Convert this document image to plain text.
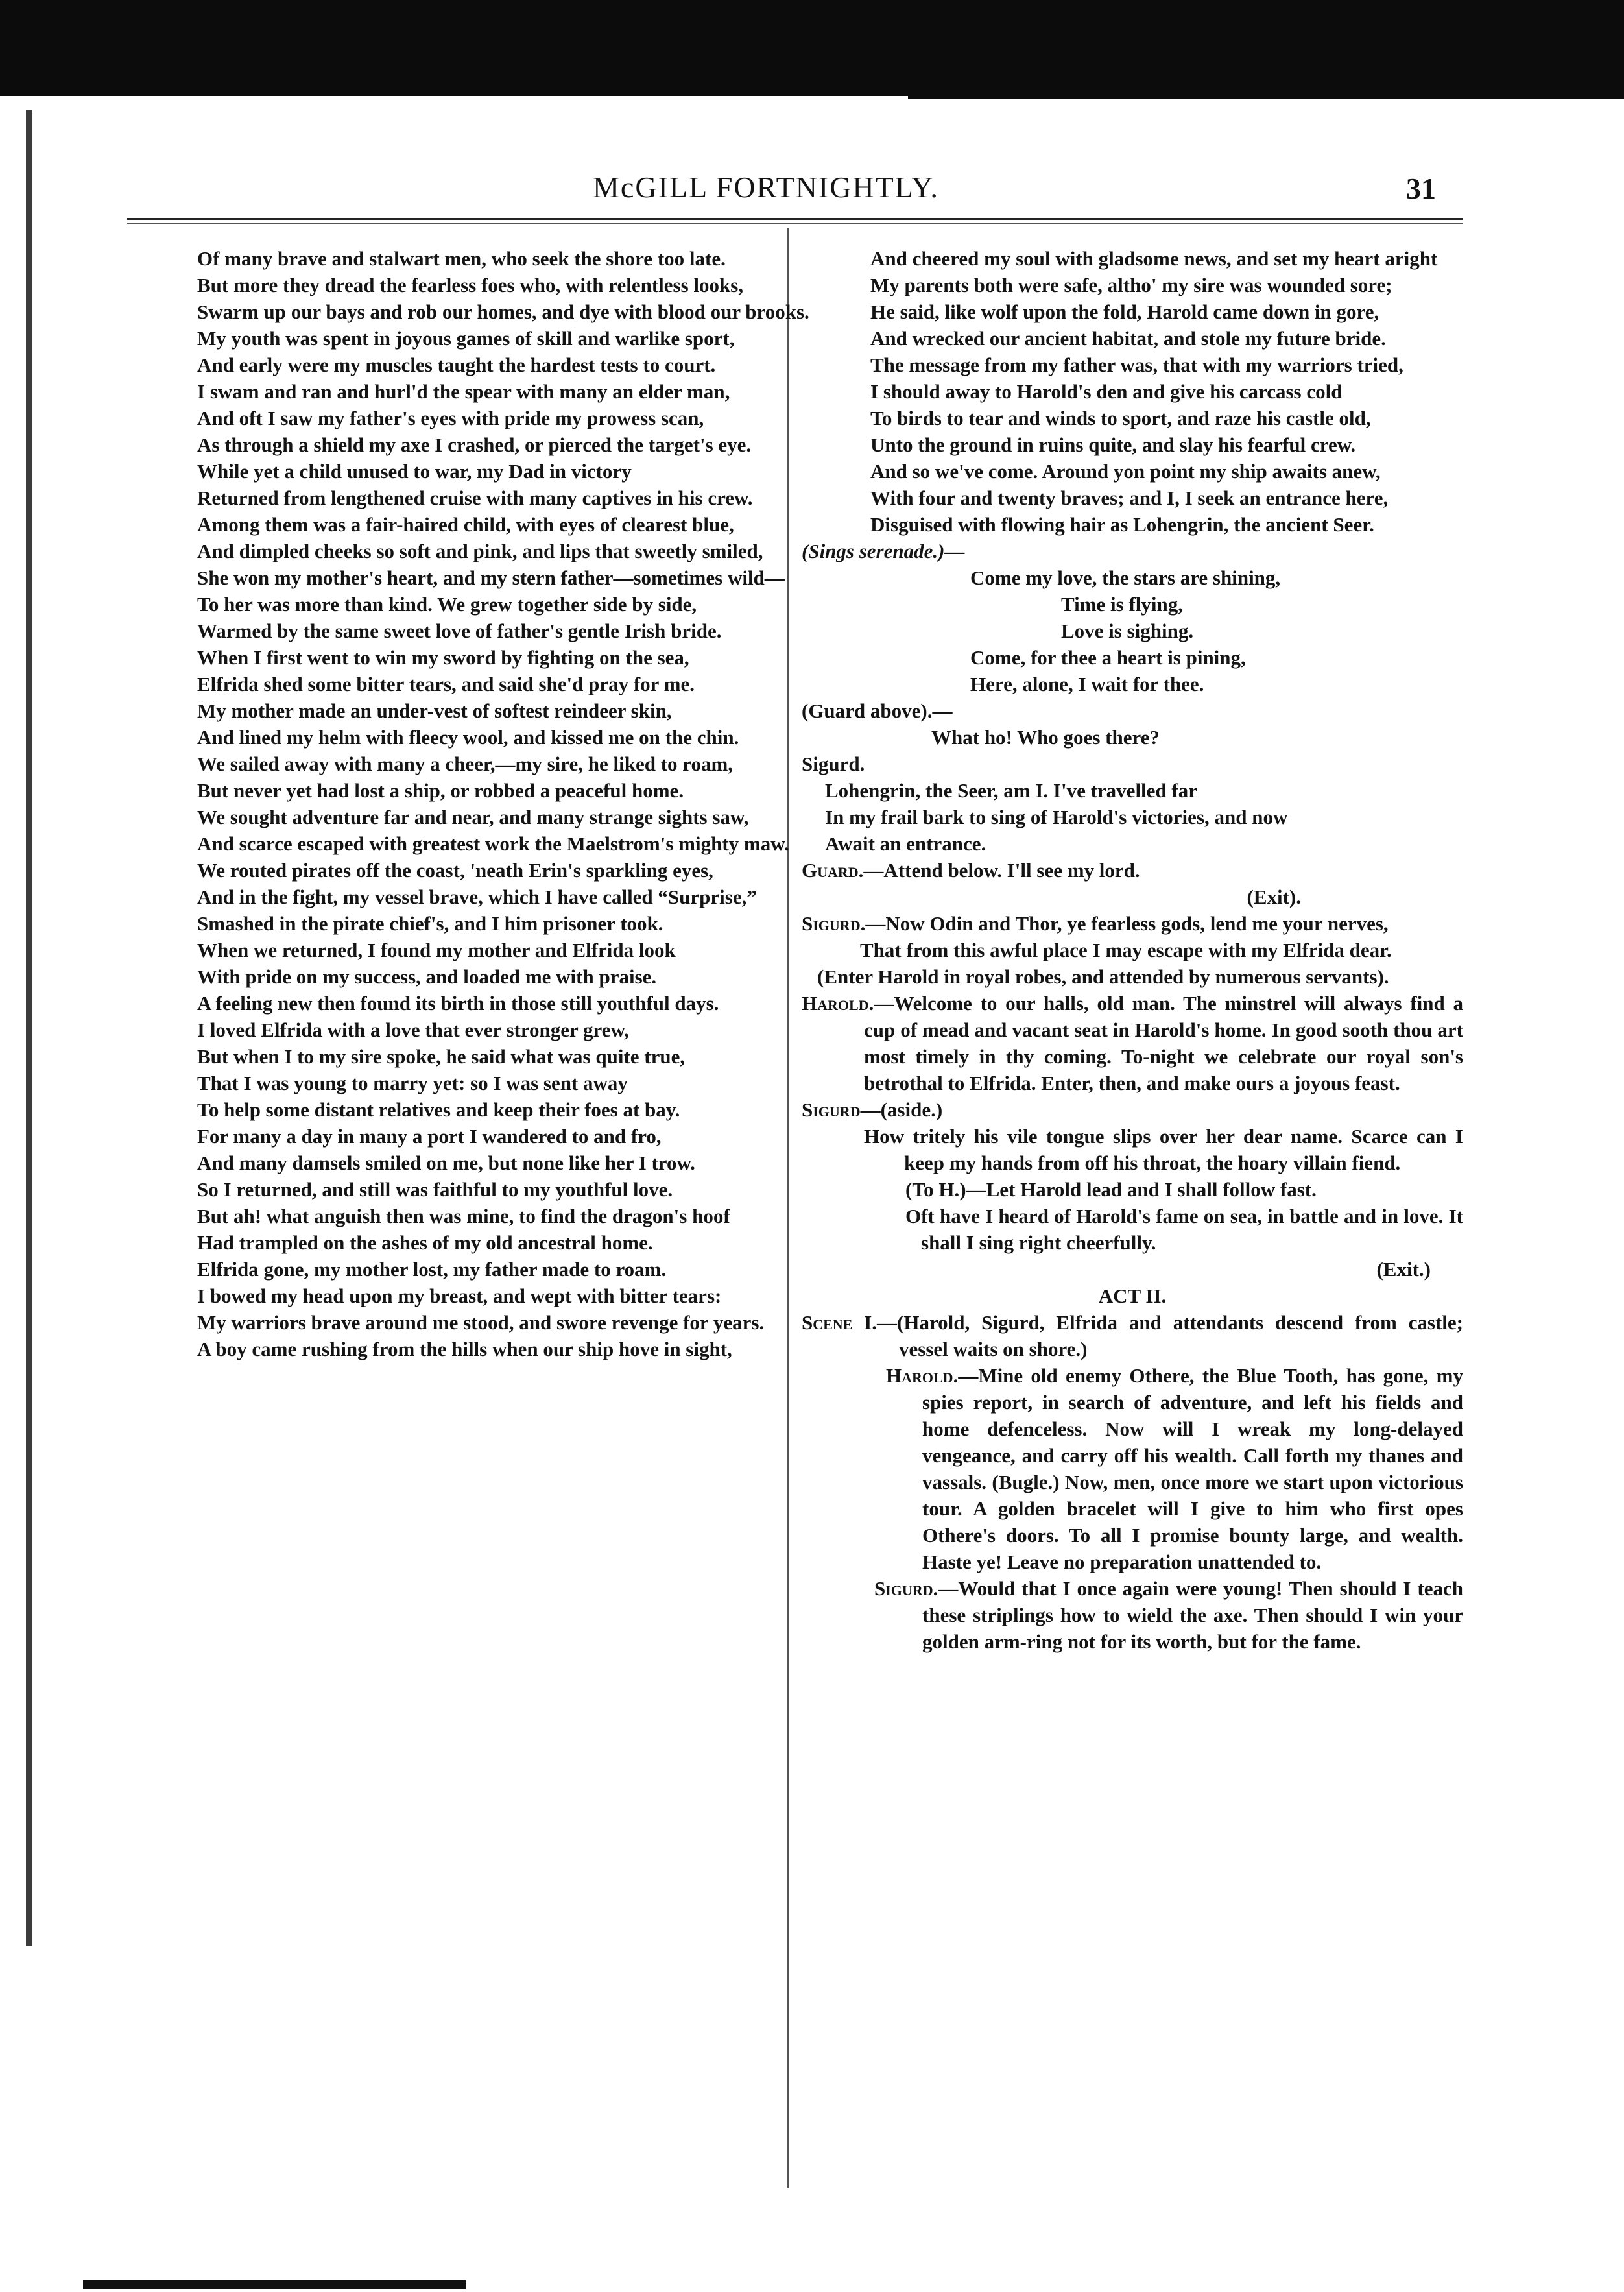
McGILL FORTNIGHTLY.	31

Of many brave and stalwart men, who seek the shore too late.

But more they dread the fearless foes who, with relentless looks,

Swarm up our bays and rob our homes, and dye with blood our brooks.

My youth was spent in joyous games of skill and warlike sport,

And early were my muscles taught the hardest tests to court.

I swam and ran and hurl'd the spear with many an elder man,

And oft I saw my father's eyes with pride my prowess scan,

As through a shield my axe I crashed, or pierced the target's eye.

While yet a child unused to war, my Dad in victory

Returned from lengthened cruise with many captives in his crew.

Among them was a fair-haired child, with eyes of clearest blue,

And dimpled cheeks so soft and pink, and lips that sweetly smiled,

She won my mother's heart, and my stern father—sometimes wild—

To her was more than kind. We grew together side by side,

Warmed by the same sweet love of father's gentle Irish bride.

When I first went to win my sword by fighting on the sea,

Elfrida shed some bitter tears, and said she'd pray for me.

My mother made an under-vest of softest reindeer skin,

And lined my helm with fleecy wool, and kissed me on the chin.

We sailed away with many a cheer,—my sire, he liked to roam,

But never yet had lost a ship, or robbed a peaceful home.

We sought adventure far and near, and many strange sights saw,

And scarce escaped with greatest work the Maelstrom's mighty maw.

We routed pirates off the coast, 'neath Erin's sparkling eyes,

And in the fight, my vessel brave, which I have called “Surprise,”

Smashed in the pirate chief's, and I him prisoner took.

When we returned, I found my mother and Elfrida look

With pride on my success, and loaded me with praise.

A feeling new then found its birth in those still youthful days.

I loved Elfrida with a love that ever stronger grew,

But when I to my sire spoke, he said what was quite true,

That I was young to marry yet: so I was sent away

To help some distant relatives and keep their foes at bay.

For many a day in many a port I wandered to and fro,

And many damsels smiled on me, but none like her I trow.

So I returned, and still was faithful to my youthful love.

But ah! what anguish then was mine, to find the dragon's hoof

Had trampled on the ashes of my old ancestral home.

Elfrida gone, my mother lost, my father made to roam.

I bowed my head upon my breast, and wept with bitter tears:

My warriors brave around me stood, and swore revenge for years.

A boy came rushing from the hills when our ship hove in sight,

And cheered my soul with gladsome news, and set my heart aright

My parents both were safe, altho' my sire was wounded sore;

He said, like wolf upon the fold, Harold came down in gore,

And wrecked our ancient habitat, and stole my future bride.

The message from my father was, that with my warriors tried,

I should away to Harold's den and give his carcass cold

To birds to tear and winds to sport, and raze his castle old,

Unto the ground in ruins quite, and slay his fearful crew.

And so we've come. Around yon point my ship awaits anew,

With four and twenty braves; and I, I seek an entrance here,

Disguised with flowing hair as Lohengrin, the ancient Seer.

(Sings serenade.)—

Come my love, the stars are shining,

Time is flying,

Love is sighing.

Come, for thee a heart is pining,

Here, alone, I wait for thee.

(Guard above).—

What ho! Who goes there?

Sigurd.

Lohengrin, the Seer, am I. I've travelled far

In my frail bark to sing of Harold's victories, and now

Await an entrance.

Guard.—Attend below. I'll see my lord.

(Exit).

Sigurd.—Now Odin and Thor, ye fearless gods, lend me your nerves,

That from this awful place I may escape with my Elfrida dear.

(Enter Harold in royal robes, and attended by numerous servants).

Harold.—Welcome to our halls, old man. The minstrel will always find a cup of mead and vacant seat in Harold's home. In good sooth thou art most timely in thy coming. To-night we celebrate our royal son's betrothal to Elfrida. Enter, then, and make ours a joyous feast.

Sigurd—(aside.)

How tritely his vile tongue slips over her dear name. Scarce can I keep my hands from off his throat, the hoary villain fiend.

(To H.)—Let Harold lead and I shall follow fast.

Oft have I heard of Harold's fame on sea, in battle and in love. It shall I sing right cheerfully.

(Exit.)

ACT II.

Scene I.—(Harold, Sigurd, Elfrida and attendants descend from castle; vessel waits on shore.)

Harold.—Mine old enemy Othere, the Blue Tooth, has gone, my spies report, in search of adventure, and left his fields and home defenceless. Now will I wreak my long-delayed vengeance, and carry off his wealth. Call forth my thanes and vassals. (Bugle.) Now, men, once more we start upon victorious tour. A golden bracelet will I give to him who first opes Othere's doors. To all I promise bounty large, and wealth. Haste ye! Leave no preparation unattended to.

Sigurd.—Would that I once again were young! Then should I teach these striplings how to wield the axe. Then should I win your golden arm-ring not for its worth, but for the fame.
